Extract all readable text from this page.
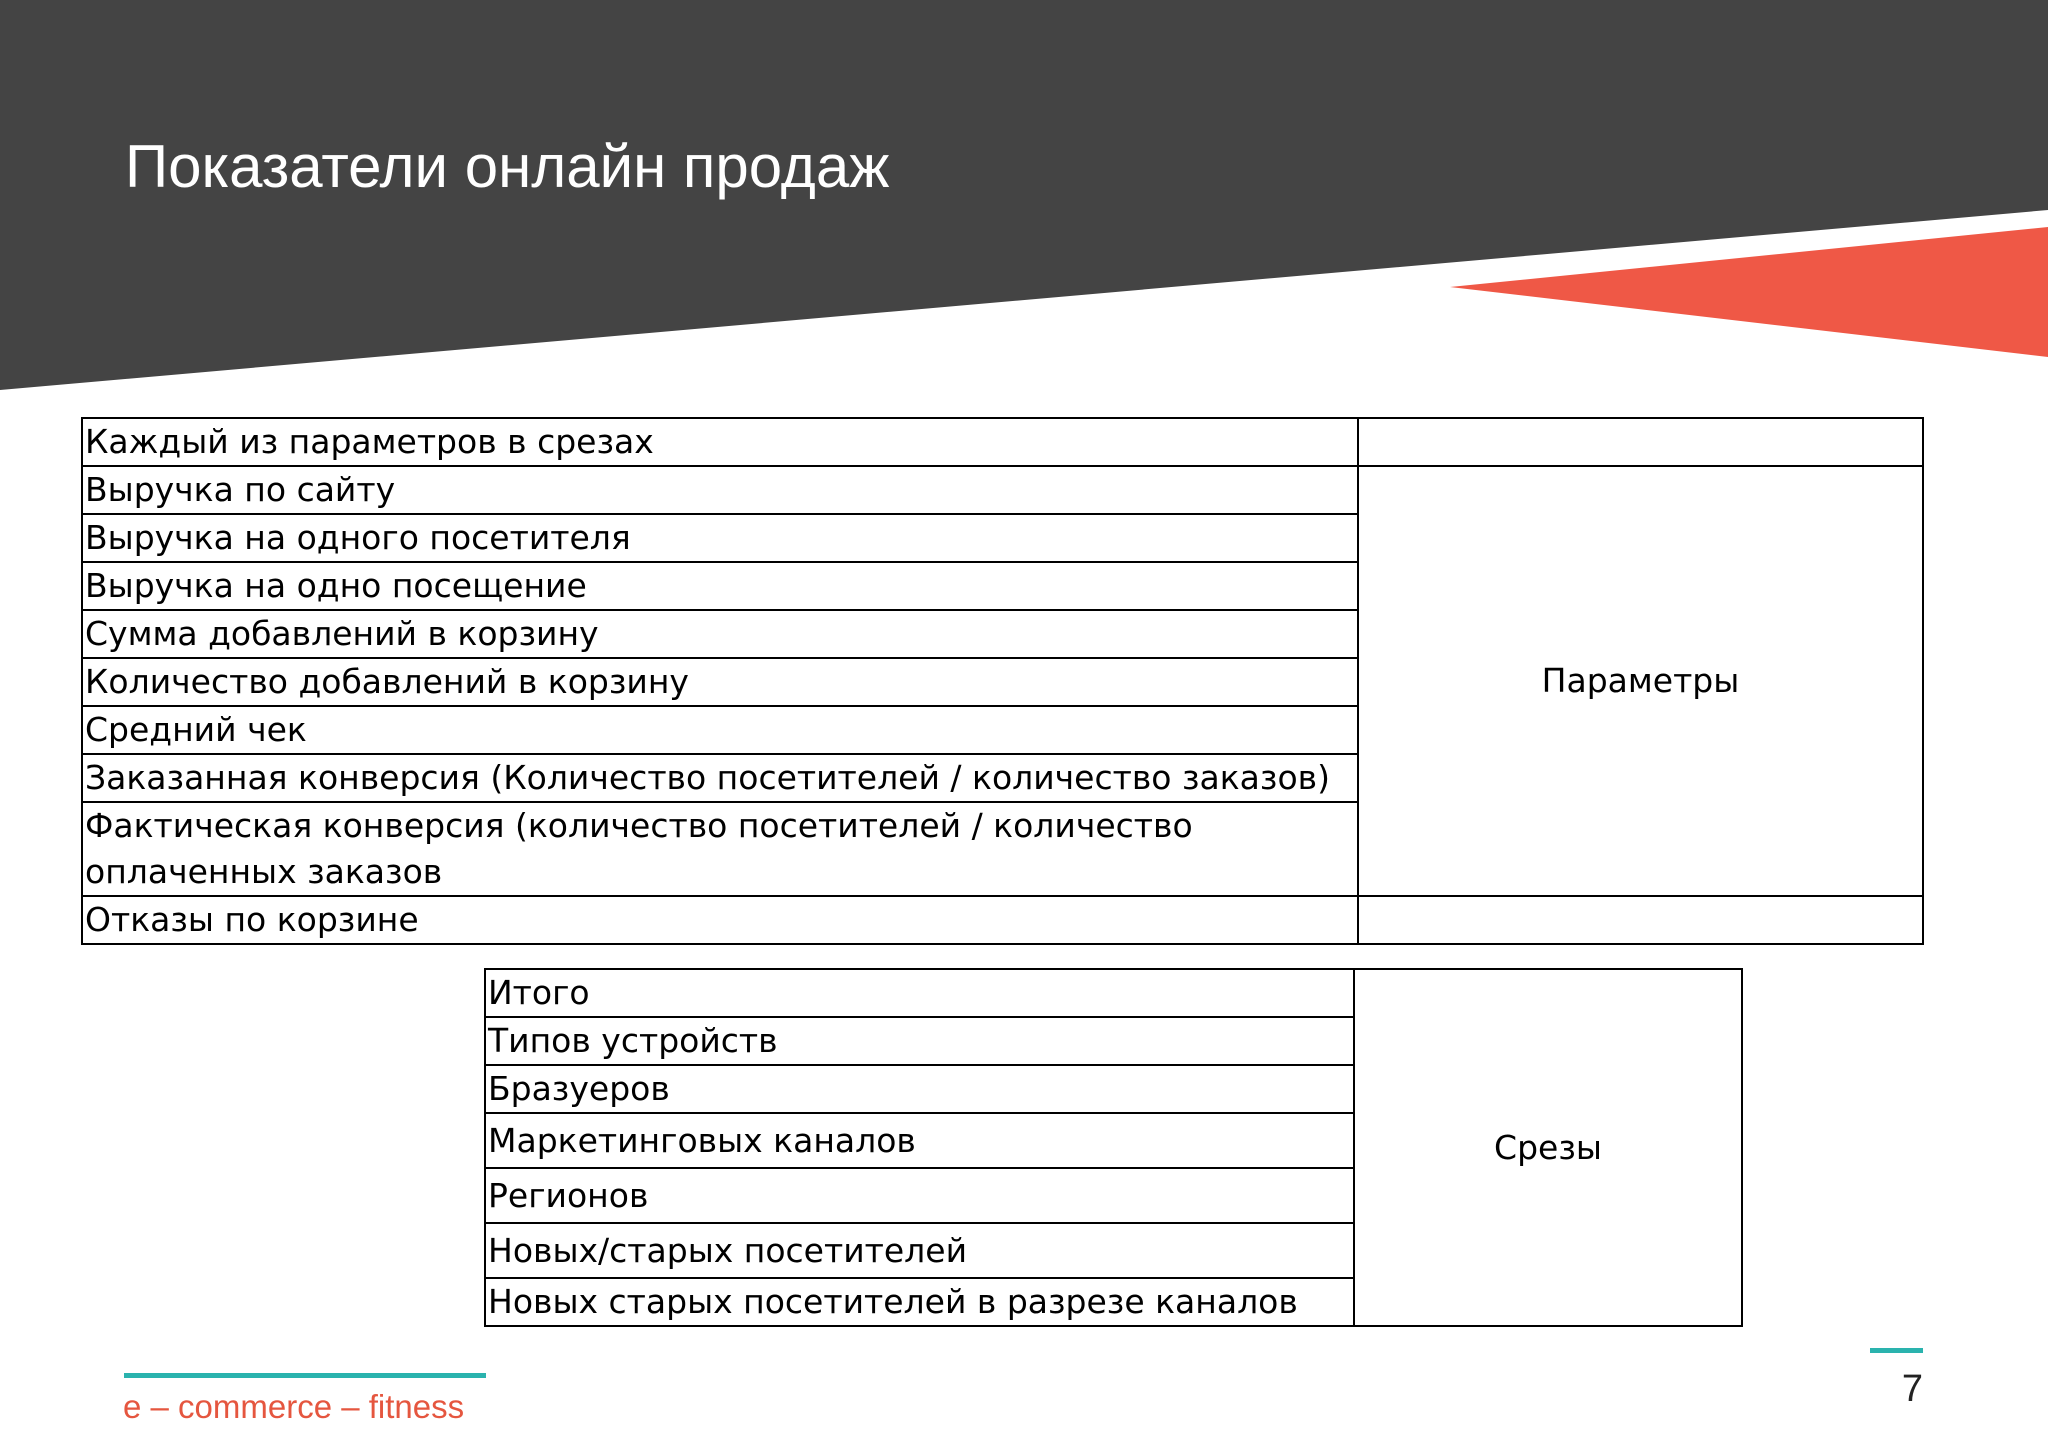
Показатели онлайн продаж
Каждый из параметров в срезах	
Выручка по сайту	Параметры
Выручка на одного посетителя	
Выручка на одно посещение	
Сумма добавлений в корзину	
Количество добавлений в корзину	
Средний чек	
Заказанная конверсия (Количество посетителей / количество заказов)	
Фактическая конверсия (количество посетителей / количество оплаченных заказов	
Отказы по корзине	
Итого	Срезы
Типов устройств
Бразуеров
Маркетинговых каналов
Регионов
Новых/старых посетителей
Новых старых посетителей в разрезе каналов
e – commerce – fitness	7
